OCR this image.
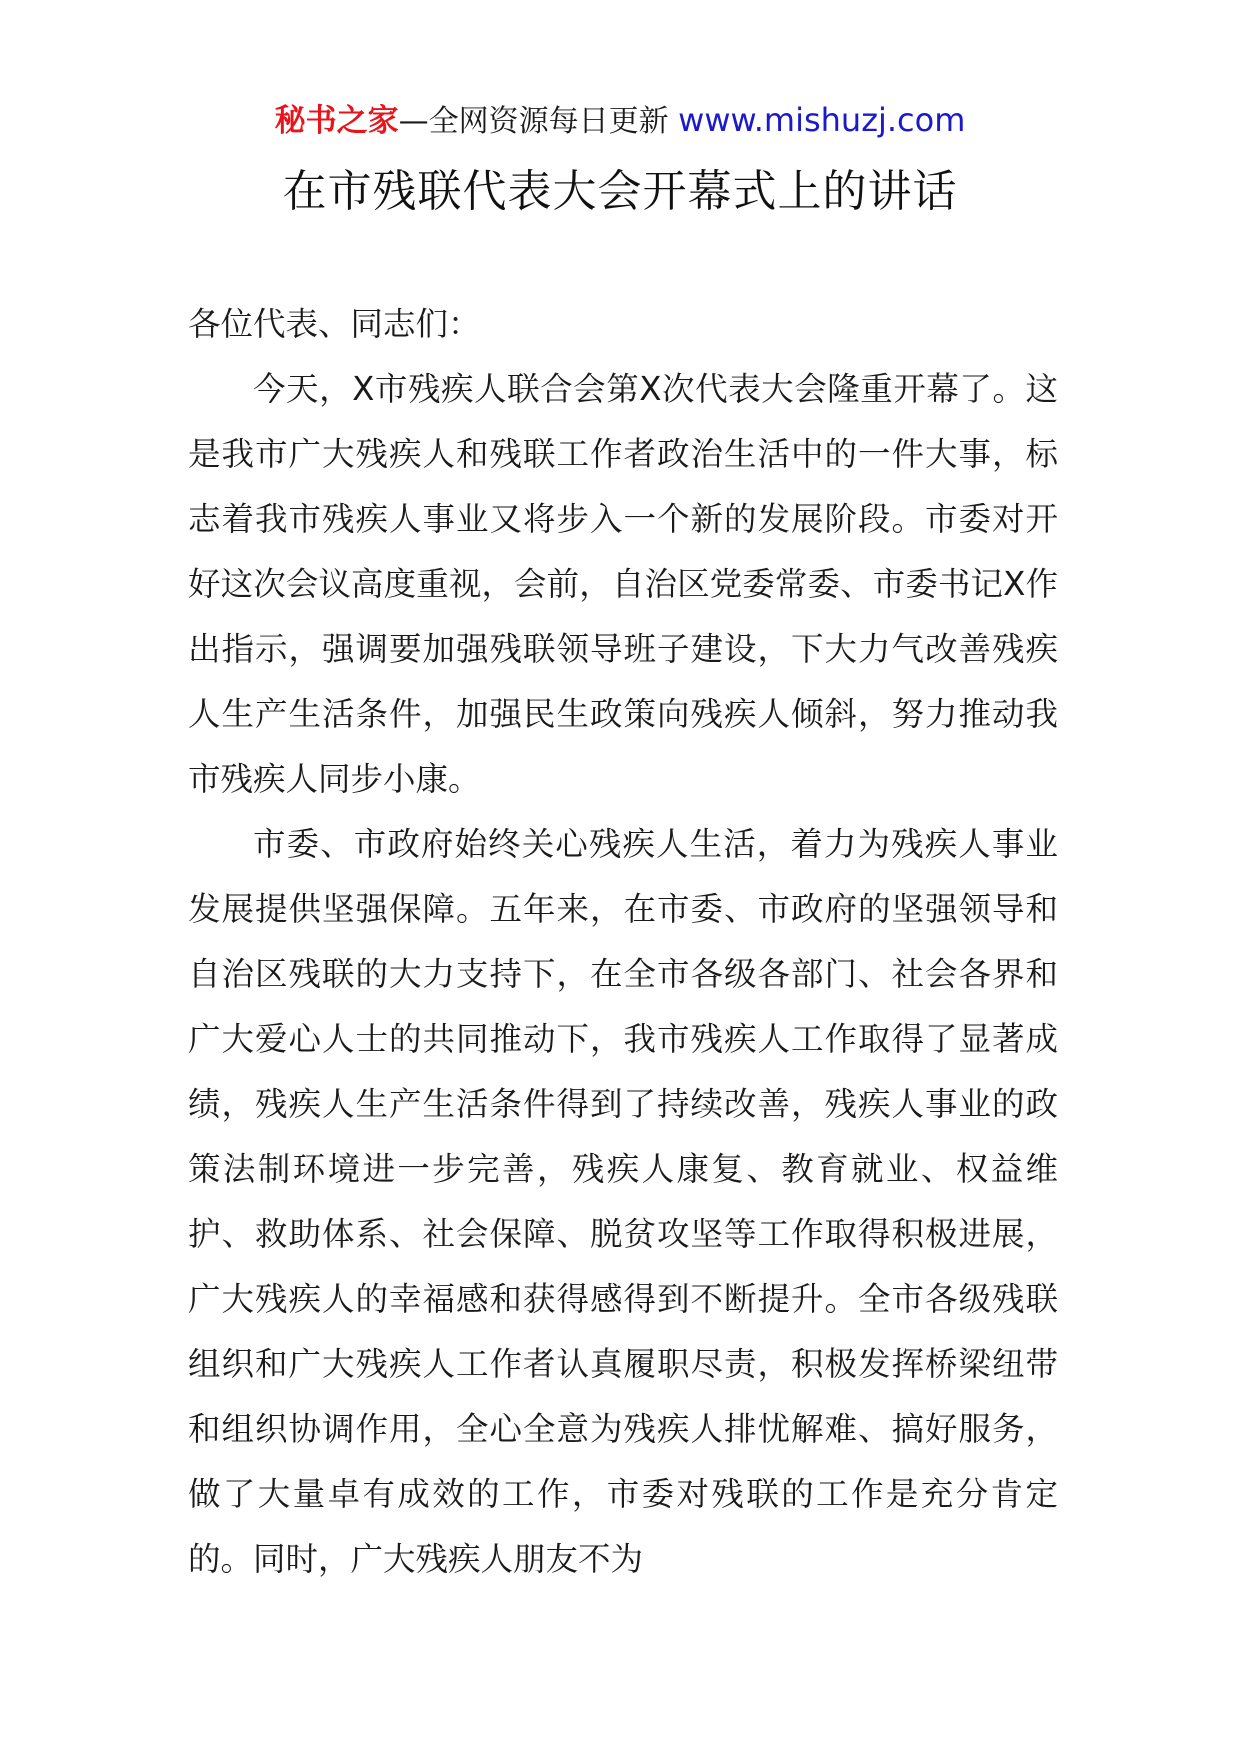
秘书之家—全网资源每日更新 www.mishuzj.com
在市残联代表大会开幕式上的讲话

各位代表、同志们：

今天，X市残疾人联合会第X次代表大会隆重开幕了。这是我市广大残疾人和残联工作者政治生活中的一件大事，标志着我市残疾人事业又将步入一个新的发展阶段。市委对开好这次会议高度重视，会前，自治区党委常委、市委书记X作出指示，强调要加强残联领导班子建设，下大力气改善残疾人生产生活条件，加强民生政策向残疾人倾斜，努力推动我市残疾人同步小康。

市委、市政府始终关心残疾人生活，着力为残疾人事业发展提供坚强保障。五年来，在市委、市政府的坚强领导和自治区残联的大力支持下，在全市各级各部门、社会各界和广大爱心人士的共同推动下，我市残疾人工作取得了显著成绩，残疾人生产生活条件得到了持续改善，残疾人事业的政策法制环境进一步完善，残疾人康复、教育就业、权益维护、救助体系、社会保障、脱贫攻坚等工作取得积极进展，广大残疾人的幸福感和获得感得到不断提升。全市各级残联组织和广大残疾人工作者认真履职尽责，积极发挥桥梁纽带和组织协调作用，全心全意为残疾人排忧解难、搞好服务，做了大量卓有成效的工作，市委对残联的工作是充分肯定的。同时，广大残疾人朋友不为
